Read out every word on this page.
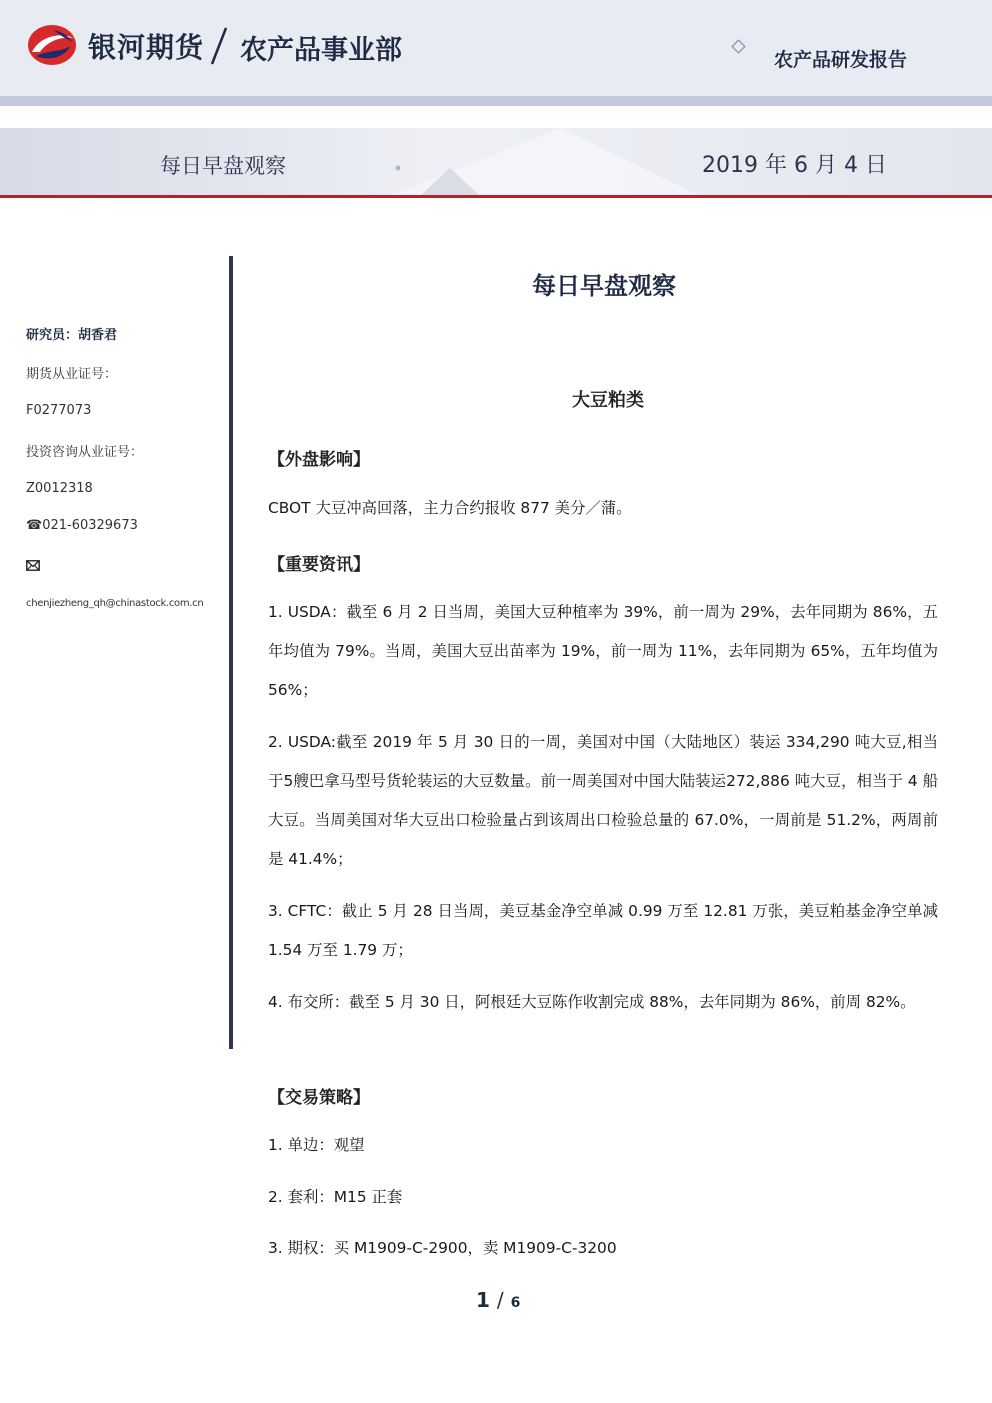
银河期货 农产品事业部	农产品研发报告
每日早盘观察	2019 年 6 月 4 日
研究员：胡香君
期货从业证号：
F0277073
投资咨询从业证号：
Z0012318
☎021-60329673
chenjiezheng_qh@chinastock.com.cn
每日早盘观察
大豆粕类
【外盘影响】
CBOT 大豆冲高回落，主力合约报收 877 美分／蒲。
【重要资讯】
1. USDA：截至 6 月 2 日当周，美国大豆种植率为 39%，前一周为 29%，去年同期为 86%，五年均值为 79%。当周，美国大豆出苗率为 19%，前一周为 11%，去年同期为 65%，五年均值为 56%；
2. USDA:截至 2019 年 5 月 30 日的一周，美国对中国（大陆地区）装运 334,290 吨大豆,相当于5艘巴拿马型号货轮装运的大豆数量。前一周美国对中国大陆装运272,886 吨大豆，相当于 4 船大豆。当周美国对华大豆出口检验量占到该周出口检验总量的 67.0%，一周前是 51.2%，两周前是 41.4%；
3. CFTC：截止 5 月 28 日当周，美豆基金净空单减 0.99 万至 12.81 万张，美豆粕基金净空单减 1.54 万至 1.79 万；
4. 布交所：截至 5 月 30 日，阿根廷大豆陈作收割完成 88%，去年同期为 86%，前周 82%。
【交易策略】
1. 单边：观望
2. 套利：M15 正套
3. 期权：买 M1909-C-2900，卖 M1909-C-3200
1 / 6
